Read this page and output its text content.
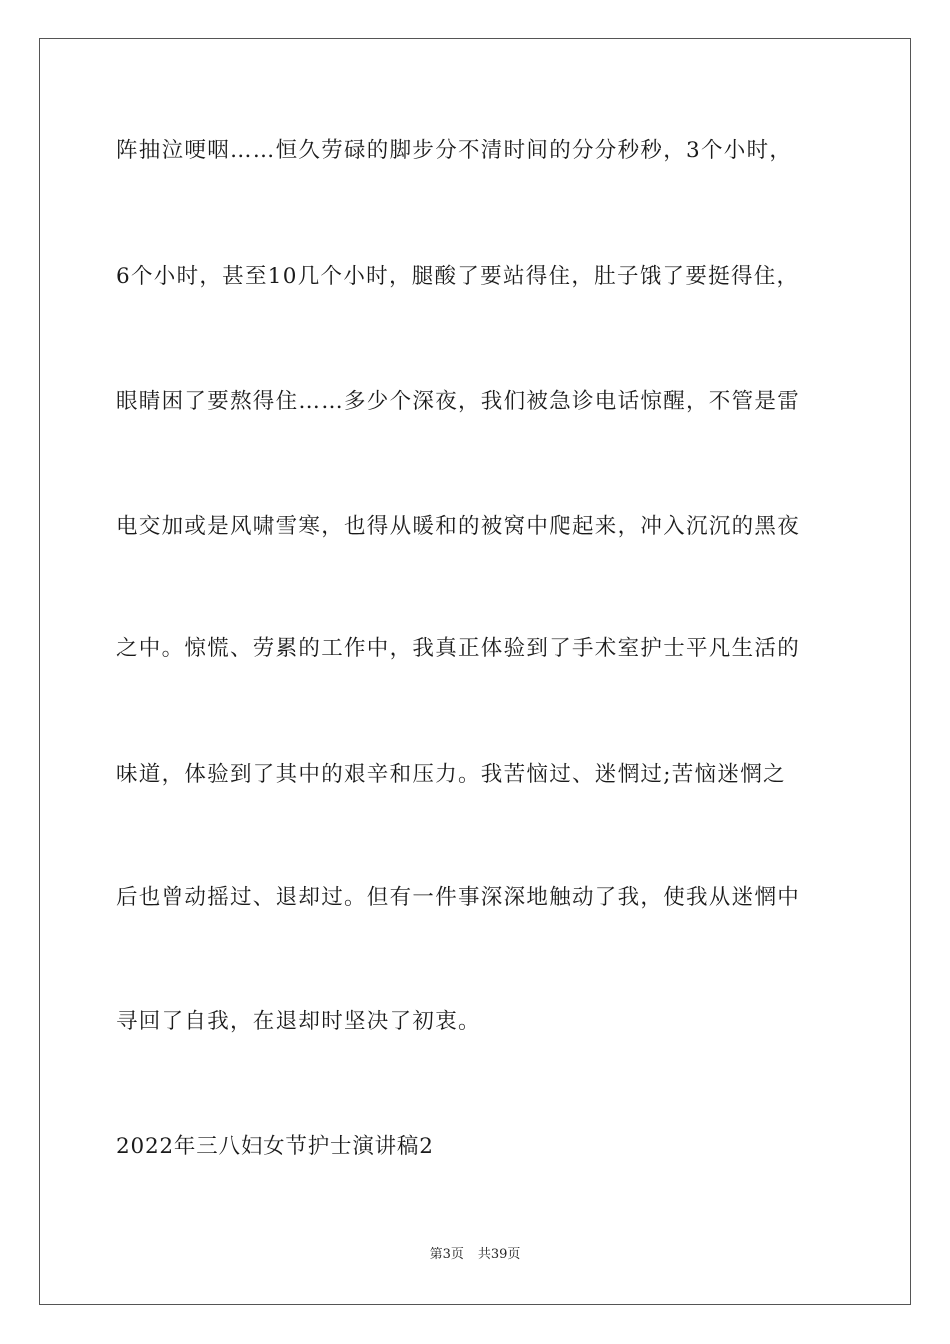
阵抽泣哽咽……恒久劳碌的脚步分不清时间的分分秒秒，3个小时，
6个小时，甚至10几个小时，腿酸了要站得住，肚子饿了要挺得住，
眼睛困了要熬得住……多少个深夜，我们被急诊电话惊醒，不管是雷
电交加或是风啸雪寒，也得从暖和的被窝中爬起来，冲入沉沉的黑夜
之中。惊慌、劳累的工作中，我真正体验到了手术室护士平凡生活的
味道，体验到了其中的艰辛和压力。我苦恼过、迷惘过;苦恼迷惘之
后也曾动摇过、退却过。但有一件事深深地触动了我，使我从迷惘中
寻回了自我，在退却时坚决了初衷。
2022年三八妇女节护士演讲稿2
第3页 共39页
